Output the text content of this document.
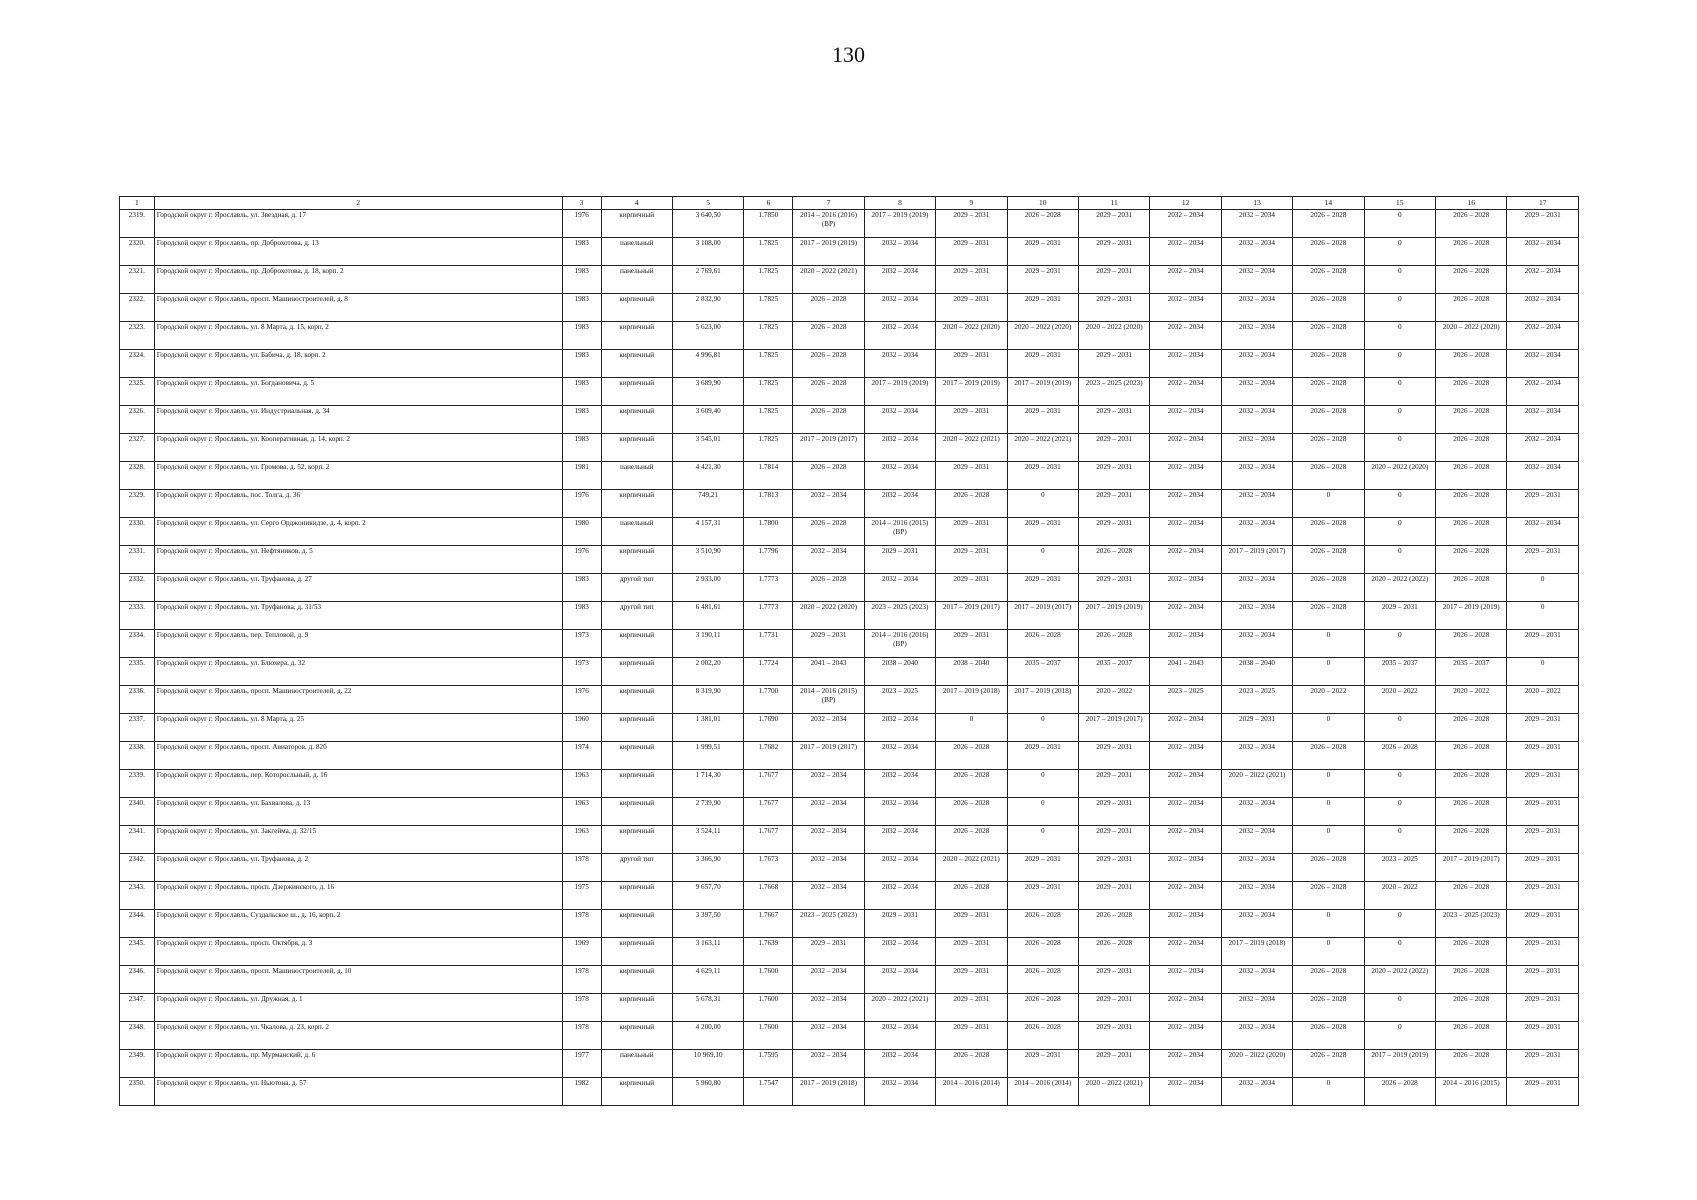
130
1	2	3	4	5	6	7	8	9	10	11	12	13	14	15	16	17
2319.	Городской округ г. Ярославль, ул. Звездная, д. 17	1976	кирпичный	3 640,50	1.7850	2014 – 2016 (2016) (ВР)	2017 – 2019 (2019)	2029 – 2031	2026 – 2028	2029 – 2031	2032 – 2034	2032 – 2034	2026 – 2028	0	2026 – 2028	2029 – 2031
2320.	Городской округ г. Ярославль, пр. Доброхотова, д. 13	1983	панельный	3 108,00	1.7825	2017 – 2019 (2019)	2032 – 2034	2029 – 2031	2029 – 2031	2029 – 2031	2032 – 2034	2032 – 2034	2026 – 2028	0	2026 – 2028	2032 – 2034
2321.	Городской округ г. Ярославль, пр. Доброхотова, д. 18, корп. 2	1983	панельный	2 769,61	1.7825	2020 – 2022 (2021)	2032 – 2034	2029 – 2031	2029 – 2031	2029 – 2031	2032 – 2034	2032 – 2034	2026 – 2028	0	2026 – 2028	2032 – 2034
2322.	Городской округ г. Ярославль, просп. Машиностроителей, д. 8	1983	кирпичный	2 832,90	1.7825	2026 – 2028	2032 – 2034	2029 – 2031	2029 – 2031	2029 – 2031	2032 – 2034	2032 – 2034	2026 – 2028	0	2026 – 2028	2032 – 2034
2323.	Городской округ г. Ярославль, ул. 8 Марта, д. 15, корп. 2	1983	кирпичный	5 623,00	1.7825	2026 – 2028	2032 – 2034	2020 – 2022 (2020)	2020 – 2022 (2020)	2020 – 2022 (2020)	2032 – 2034	2032 – 2034	2026 – 2028	0	2020 – 2022 (2020)	2032 – 2034
2324.	Городской округ г. Ярославль, ул. Бабича, д. 18, корп. 2	1983	кирпичный	4 996,81	1.7825	2026 – 2028	2032 – 2034	2029 – 2031	2029 – 2031	2029 – 2031	2032 – 2034	2032 – 2034	2026 – 2028	0	2026 – 2028	2032 – 2034
2325.	Городской округ г. Ярославль, ул. Богдановича, д. 5	1983	кирпичный	3 689,90	1.7825	2026 – 2028	2017 – 2019 (2019)	2017 – 2019 (2019)	2017 – 2019 (2019)	2023 – 2025 (2023)	2032 – 2034	2032 – 2034	2026 – 2028	0	2026 – 2028	2032 – 2034
2326.	Городской округ г. Ярославль, ул. Индустриальная, д. 34	1983	кирпичный	3 609,40	1.7825	2026 – 2028	2032 – 2034	2029 – 2031	2029 – 2031	2029 – 2031	2032 – 2034	2032 – 2034	2026 – 2028	0	2026 – 2028	2032 – 2034
2327.	Городской округ г. Ярославль, ул. Кооперативная, д. 14, корп. 2	1983	кирпичный	3 545,01	1.7825	2017 – 2019 (2017)	2032 – 2034	2020 – 2022 (2021)	2020 – 2022 (2021)	2029 – 2031	2032 – 2034	2032 – 2034	2026 – 2028	0	2026 – 2028	2032 – 2034
2328.	Городской округ г. Ярославль, ул. Громова, д. 52, корп. 2	1981	панельный	4 421,30	1.7814	2026 – 2028	2032 – 2034	2029 – 2031	2029 – 2031	2029 – 2031	2032 – 2034	2032 – 2034	2026 – 2028	2020 – 2022 (2020)	2026 – 2028	2032 – 2034
2329.	Городской округ г. Ярославль, пос. Толга, д. 36	1976	кирпичный	749,21	1.7813	2032 – 2034	2032 – 2034	2026 – 2028	0	2029 – 2031	2032 – 2034	2032 – 2034	0	0	2026 – 2028	2029 – 2031
2330.	Городской округ г. Ярославль, ул. Серго Орджоникидзе, д. 4, корп. 2	1980	панельный	4 157,31	1.7800	2026 – 2028	2014 – 2016 (2015) (ВР)	2029 – 2031	2029 – 2031	2029 – 2031	2032 – 2034	2032 – 2034	2026 – 2028	0	2026 – 2028	2032 – 2034
2331.	Городской округ г. Ярославль, ул. Нефтяников, д. 5	1976	кирпичный	3 510,90	1.7796	2032 – 2034	2029 – 2031	2029 – 2031	0	2026 – 2028	2032 – 2034	2017 – 2019 (2017)	2026 – 2028	0	2026 – 2028	2029 – 2031
2332.	Городской округ г. Ярославль, ул. Труфанова, д. 27	1983	другой тип	2 933,00	1.7773	2026 – 2028	2032 – 2034	2029 – 2031	2029 – 2031	2029 – 2031	2032 – 2034	2032 – 2034	2026 – 2028	2020 – 2022 (2022)	2026 – 2028	0
2333.	Городской округ г. Ярославль, ул. Труфанова, д. 31/53	1983	другой тип	6 481,61	1.7773	2020 – 2022 (2020)	2023 – 2025 (2023)	2017 – 2019 (2017)	2017 – 2019 (2017)	2017 – 2019 (2019)	2032 – 2034	2032 – 2034	2026 – 2028	2029 – 2031	2017 – 2019 (2019)	0
2334.	Городской округ г. Ярославль, пер. Тепловой, д. 9	1973	кирпичный	3 190,11	1.7731	2029 – 2031	2014 – 2016 (2016) (ВР)	2029 – 2031	2026 – 2028	2026 – 2028	2032 – 2034	2032 – 2034	0	0	2026 – 2028	2029 – 2031
2335.	Городской округ г. Ярославль, ул. Блюхера, д. 32	1973	кирпичный	2 002,20	1.7724	2041 – 2043	2038 – 2040	2038 – 2040	2035 – 2037	2035 – 2037	2041 – 2043	2038 – 2040	0	2035 – 2037	2035 – 2037	0
2336.	Городской округ г. Ярославль, просп. Машиностроителей, д. 22	1976	кирпичный	8 319,90	1.7700	2014 – 2016 (2015) (ВР)	2023 – 2025	2017 – 2019 (2018)	2017 – 2019 (2018)	2020 – 2022	2023 – 2025	2023 – 2025	2020 – 2022	2020 – 2022	2020 – 2022	2020 – 2022
2337.	Городской округ г. Ярославль, ул. 8 Марта, д. 25	1960	кирпичный	1 381,01	1.7690	2032 – 2034	2032 – 2034	0	0	2017 – 2019 (2017)	2032 – 2034	2029 – 2031	0	0	2026 – 2028	2029 – 2031
2338.	Городской округ г. Ярославль, просп. Авиаторов, д. 82б	1974	кирпичный	1 999,51	1.7682	2017 – 2019 (2017)	2032 – 2034	2026 – 2028	2029 – 2031	2029 – 2031	2032 – 2034	2032 – 2034	2026 – 2028	2026 – 2028	2026 – 2028	2029 – 2031
2339.	Городской округ г. Ярославль, пер. Которосльный, д. 16	1963	кирпичный	1 714,30	1.7677	2032 – 2034	2032 – 2034	2026 – 2028	0	2029 – 2031	2032 – 2034	2020 – 2022 (2021)	0	0	2026 – 2028	2029 – 2031
2340.	Городской округ г. Ярославль, ул. Бахвалова, д. 13	1963	кирпичный	2 739,90	1.7677	2032 – 2034	2032 – 2034	2026 – 2028	0	2029 – 2031	2032 – 2034	2032 – 2034	0	0	2026 – 2028	2029 – 2031
2341.	Городской округ г. Ярославль, ул. Закгейма, д. 32/15	1963	кирпичный	3 524,11	1.7677	2032 – 2034	2032 – 2034	2026 – 2028	0	2029 – 2031	2032 – 2034	2032 – 2034	0	0	2026 – 2028	2029 – 2031
2342.	Городской округ г. Ярославль, ул. Труфанова, д. 2	1978	другой тип	3 366,90	1.7673	2032 – 2034	2032 – 2034	2020 – 2022 (2021)	2029 – 2031	2029 – 2031	2032 – 2034	2032 – 2034	2026 – 2028	2023 – 2025	2017 – 2019 (2017)	2029 – 2031
2343.	Городской округ г. Ярославль, просп. Дзержинского, д. 16	1975	кирпичный	9 657,70	1.7668	2032 – 2034	2032 – 2034	2026 – 2028	2029 – 2031	2029 – 2031	2032 – 2034	2032 – 2034	2026 – 2028	2020 – 2022	2026 – 2028	2029 – 2031
2344.	Городской округ г. Ярославль, Суздальское ш., д. 16, корп. 2	1978	кирпичный	3 397,50	1.7667	2023 – 2025 (2023)	2029 – 2031	2029 – 2031	2026 – 2028	2026 – 2028	2032 – 2034	2032 – 2034	0	0	2023 – 2025 (2023)	2029 – 2031
2345.	Городской округ г. Ярославль, просп. Октября, д. 3	1969	кирпичный	3 163,11	1.7639	2029 – 2031	2032 – 2034	2029 – 2031	2026 – 2028	2026 – 2028	2032 – 2034	2017 – 2019 (2018)	0	0	2026 – 2028	2029 – 2031
2346.	Городской округ г. Ярославль, просп. Машиностроителей, д. 10	1978	кирпичный	4 629,11	1.7600	2032 – 2034	2032 – 2034	2029 – 2031	2026 – 2028	2029 – 2031	2032 – 2034	2032 – 2034	2026 – 2028	2020 – 2022 (2022)	2026 – 2028	2029 – 2031
2347.	Городской округ г. Ярославль, ул. Дружная, д. 1	1978	кирпичный	5 678,31	1.7600	2032 – 2034	2020 – 2022 (2021)	2029 – 2031	2026 – 2028	2029 – 2031	2032 – 2034	2032 – 2034	2026 – 2028	0	2026 – 2028	2029 – 2031
2348.	Городской округ г. Ярославль, ул. Чкалова, д. 23, корп. 2	1978	кирпичный	4 200,00	1.7600	2032 – 2034	2032 – 2034	2029 – 2031	2026 – 2028	2029 – 2031	2032 – 2034	2032 – 2034	2026 – 2028	0	2026 – 2028	2029 – 2031
2349.	Городской округ г. Ярославль, пр. Мурманский, д. 6	1977	панельный	10 969,10	1.7595	2032 – 2034	2032 – 2034	2026 – 2028	2029 – 2031	2029 – 2031	2032 – 2034	2020 – 2022 (2020)	2026 – 2028	2017 – 2019 (2019)	2026 – 2028	2029 – 2031
2350.	Городской округ г. Ярославль, ул. Ньютона, д. 57	1982	кирпичный	5 960,80	1.7547	2017 – 2019 (2018)	2032 – 2034	2014 – 2016 (2014)	2014 – 2016 (2014)	2020 – 2022 (2021)	2032 – 2034	2032 – 2034	0	2026 – 2028	2014 – 2016 (2015)	2029 – 2031
